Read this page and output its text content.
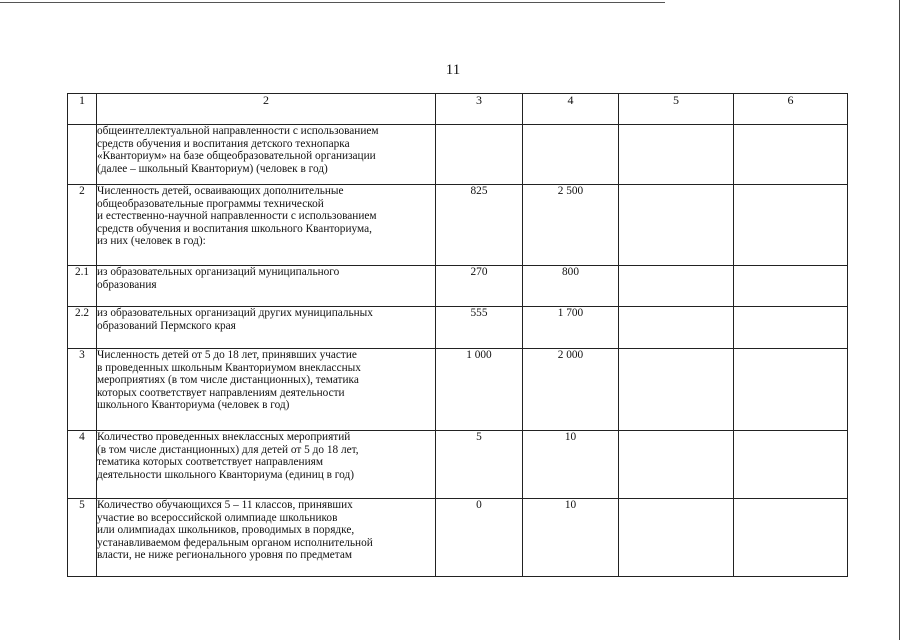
11
1	2	3	4	5	6

	общеинтеллектуальной направленности с использованием
средств обучения и воспитания детского технопарка
«Кванториум» на базе общеобразовательной организации
(далее – школьный Кванториум) (человек в год)				

2	Численность детей, осваивающих дополнительные
общеобразовательные программы технической
и естественно-научной направленности с использованием
средств обучения и воспитания школьного Кванториума,
из них (человек в год):	825	2 500		
2.1	из образовательных организаций муниципального
образования	270	800		
2.2	из образовательных организаций других муниципальных
образований Пермского края	555	1 700		
3	Численность детей от 5 до 18 лет, принявших участие
в проведенных школьным Кванториумом внеклассных
мероприятиях (в том числе дистанционных), тематика
которых соответствует направлениям деятельности
школьного Кванториума (человек в год)	1 000	2 000		
4	Количество проведенных внеклассных мероприятий
(в том числе дистанционных) для детей от 5 до 18 лет,
тематика которых соответствует направлениям
деятельности школьного Кванториума (единиц в год)	5	10		
5	Количество обучающихся 5 – 11 классов, принявших
участие во всероссийской олимпиаде школьников
или олимпиадах школьников, проводимых в порядке,
устанавливаемом федеральным органом исполнительной
власти, не ниже регионального уровня по предметам	0	10		
